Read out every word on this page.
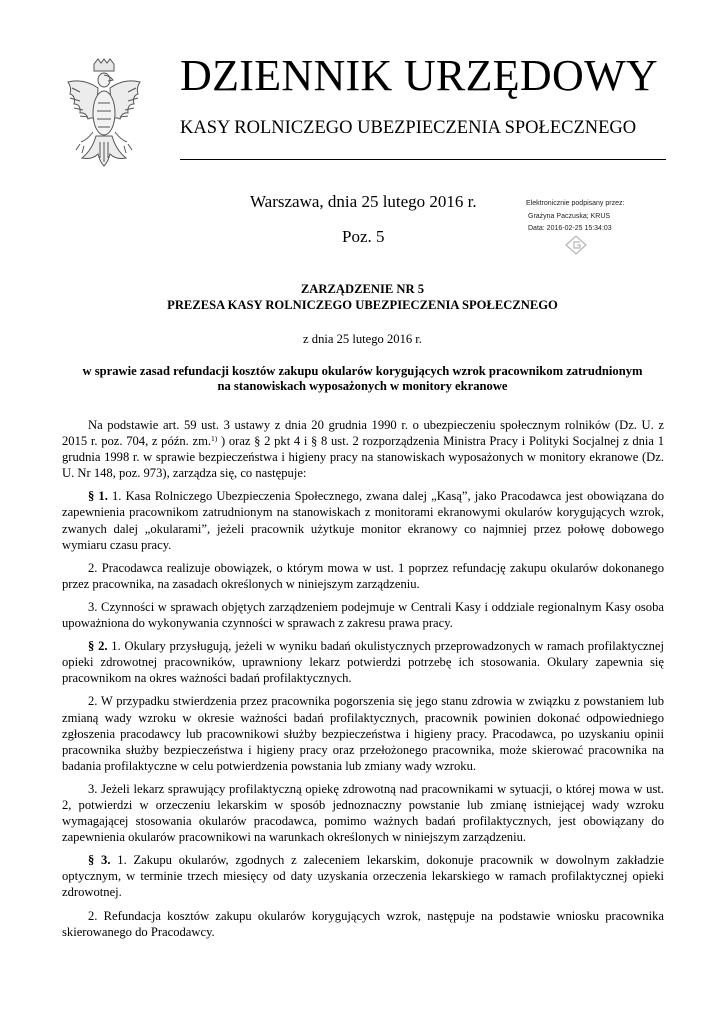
DZIENNIK URZĘDOWY
KASY ROLNICZEGO UBEZPIECZENIA SPOŁECZNEGO
Warszawa, dnia 25 lutego 2016 r.
Poz. 5
Elektronicznie podpisany przez:
Grażyna Paczuska; KRUS
Data: 2016-02-25 15:34:03
ZARZĄDZENIE NR 5
PREZESA KASY ROLNICZEGO UBEZPIECZENIA SPOŁECZNEGO
z dnia 25 lutego 2016 r.
w sprawie zasad refundacji kosztów zakupu okularów korygujących wzrok pracownikom zatrudnionym
na stanowiskach wyposażonych w monitory ekranowe

Na podstawie art. 59 ust. 3 ustawy z dnia 20 grudnia 1990 r. o ubezpieczeniu społecznym rolników (Dz. U. z 2015 r. poz. 704, z późn. zm.$^{1)}$ ) oraz § 2 pkt 4 i § 8 ust. 2 rozporządzenia Ministra Pracy i Polityki Socjalnej z dnia 1 grudnia 1998 r. w sprawie bezpieczeństwa i higieny pracy na stanowiskach wyposażonych w monitory ekranowe (Dz. U. Nr 148, poz. 973), zarządza się, co następuje:

§ 1. 1. Kasa Rolniczego Ubezpieczenia Społecznego, zwana dalej „Kasą”, jako Pracodawca jest obowiązana do zapewnienia pracownikom zatrudnionym na stanowiskach z monitorami ekranowymi okularów korygujących wzrok, zwanych dalej „okularami”, jeżeli pracownik użytkuje monitor ekranowy co najmniej przez połowę dobowego wymiaru czasu pracy.

2. Pracodawca realizuje obowiązek, o którym mowa w ust. 1 poprzez refundację zakupu okularów dokonanego przez pracownika, na zasadach określonych w niniejszym zarządzeniu.

3. Czynności w sprawach objętych zarządzeniem podejmuje w Centrali Kasy i oddziale regionalnym Kasy osoba upoważniona do wykonywania czynności w sprawach z zakresu prawa pracy.

§ 2. 1. Okulary przysługują, jeżeli w wyniku badań okulistycznych przeprowadzonych w ramach profilaktycznej opieki zdrowotnej pracowników, uprawniony lekarz potwierdzi potrzebę ich stosowania. Okulary zapewnia się pracownikom na okres ważności badań profilaktycznych.

2. W przypadku stwierdzenia przez pracownika pogorszenia się jego stanu zdrowia w związku z powstaniem lub zmianą wady wzroku w okresie ważności badań profilaktycznych, pracownik powinien dokonać odpowiedniego zgłoszenia pracodawcy lub pracownikowi służby bezpieczeństwa i higieny pracy. Pracodawca, po uzyskaniu opinii pracownika służby bezpieczeństwa i higieny pracy oraz przełożonego pracownika, może skierować pracownika na badania profilaktyczne w celu potwierdzenia powstania lub zmiany wady wzroku.

3. Jeżeli lekarz sprawujący profilaktyczną opiekę zdrowotną nad pracownikami w sytuacji, o której mowa w ust. 2, potwierdzi w orzeczeniu lekarskim w sposób jednoznaczny powstanie lub zmianę istniejącej wady wzroku wymagającej stosowania okularów pracodawca, pomimo ważnych badań profilaktycznych, jest obowiązany do zapewnienia okularów pracownikowi na warunkach określonych w niniejszym zarządzeniu.

§ 3. 1. Zakupu okularów, zgodnych z zaleceniem lekarskim, dokonuje pracownik w dowolnym zakładzie optycznym, w terminie trzech miesięcy od daty uzyskania orzeczenia lekarskiego w ramach profilaktycznej opieki zdrowotnej.

2. Refundacja kosztów zakupu okularów korygujących wzrok, następuje na podstawie wniosku pracownika skierowanego do Pracodawcy.
